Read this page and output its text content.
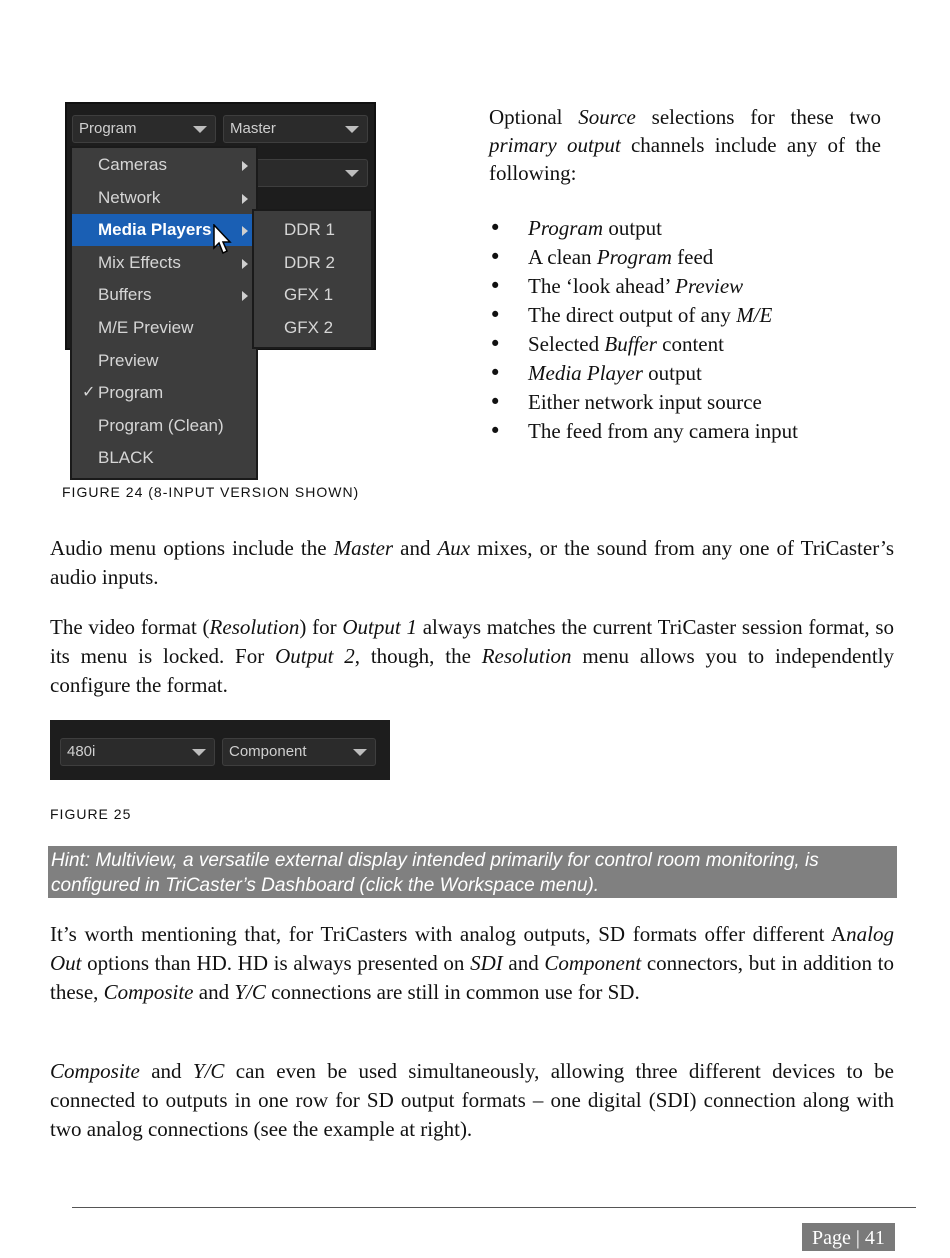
Program	Master
Cameras
Network
Media Players
Mix Effects
Buffers
M/E Preview
Preview
Program
✓
Program (Clean)
BLACK
DDR 1
DDR 2
GFX 1
GFX 2
FIGURE 24 (8-INPUT VERSION SHOWN)
Optional Source selections for these two primary output channels include any of the following:
• Program output
• A clean Program feed
• The ‘look ahead’ Preview
• The direct output of any M/E
• Selected Buffer content
• Media Player output
• Either network input source
• The feed from any camera input
Audio menu options include the Master and Aux mixes, or the sound from any one of TriCaster’s audio inputs.
The video format (Resolution) for Output 1 always matches the current TriCaster session format, so its menu is locked. For Output 2, though, the Resolution menu allows you to independently configure the format.
480i	Component
FIGURE 25
Hint: Multiview, a versatile external display intended primarily for control room monitoring, is configured in TriCaster’s Dashboard (click the Workspace menu).
It’s worth mentioning that, for TriCasters with analog outputs, SD formats offer different Analog Out options than HD. HD is always presented on SDI and Component connectors, but in addition to these, Composite and Y/C connections are still in common use for SD.
Composite and Y/C can even be used simultaneously, allowing three different devices to be connected to outputs in one row for SD output formats – one digital (SDI) connection along with two analog connections (see the example at right).
Page | 41
